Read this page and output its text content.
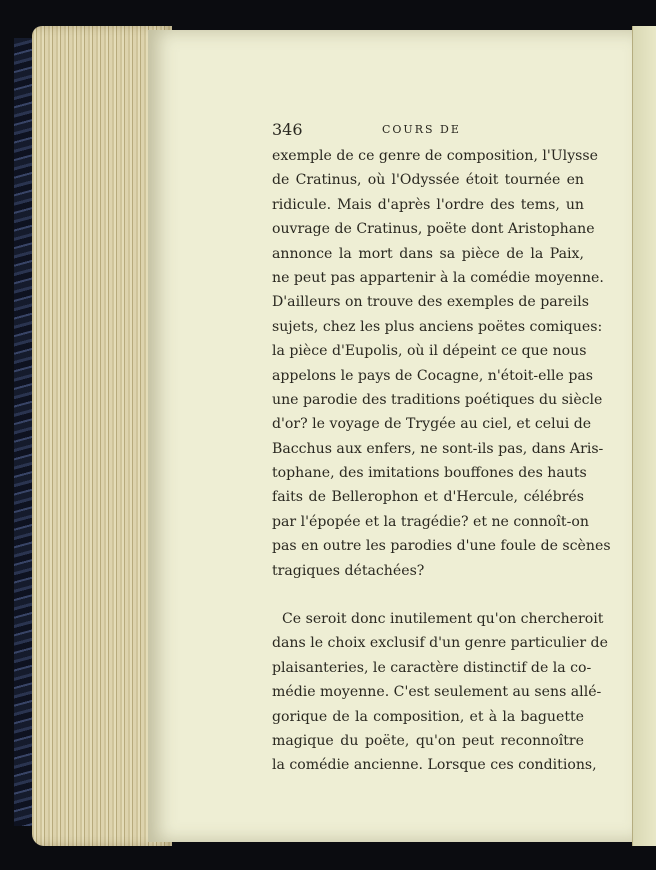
346	COURS DE
exemple de ce genre de composition, l'Ulysse
de Cratinus, où l'Odyssée étoit tournée en
ridicule. Mais d'après l'ordre des tems, un
ouvrage de Cratinus, poëte dont Aristophane
annonce la mort dans sa pièce de la Paix,
ne peut pas appartenir à la comédie moyenne.
D'ailleurs on trouve des exemples de pareils
sujets, chez les plus anciens poëtes comiques:
la pièce d'Eupolis, où il dépeint ce que nous
appelons le pays de Cocagne, n'étoit-elle pas
une parodie des traditions poétiques du siècle
d'or? le voyage de Trygée au ciel, et celui de
Bacchus aux enfers, ne sont-ils pas, dans Aris-
tophane, des imitations bouffones des hauts
faits de Bellerophon et d'Hercule, célébrés
par l'épopée et la tragédie? et ne connoît-on
pas en outre les parodies d'une foule de scènes
tragiques détachées?
Ce seroit donc inutilement qu'on chercheroit
dans le choix exclusif d'un genre particulier de
plaisanteries, le caractère distinctif de la co-
médie moyenne. C'est seulement au sens allé-
gorique de la composition, et à la baguette
magique du poëte, qu'on peut reconnoître
la comédie ancienne. Lorsque ces conditions,
